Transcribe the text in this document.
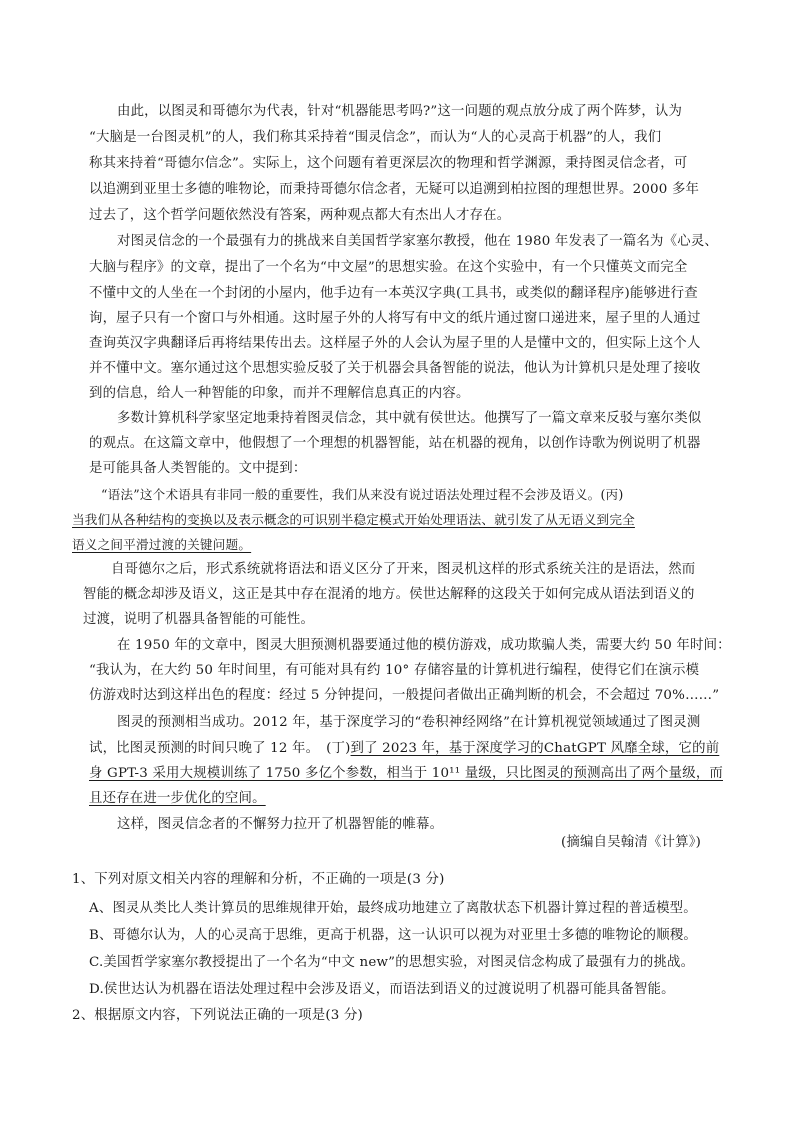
由此，以图灵和哥德尔为代表，针对“机器能思考吗?”这一问题的观点放分成了两个阵梦，认为
“大脑是一台图灵机”的人，我们称其采持着“围灵信念”，而认为“人的心灵高于机器”的人，我们
称其来持着“哥德尔信念”。实际上，这个问题有着更深层次的物理和哲学渊源，秉持图灵信念者，可
以追溯到亚里士多德的唯物论，而秉持哥德尔信念者，无疑可以追溯到柏拉图的理想世界。2000 多年
过去了，这个哲学问题依然没有答案，两种观点都大有杰出人才存在。
对图灵信念的一个最强有力的挑战来自美国哲学家塞尔教授，他在 1980 年发表了一篇名为《心灵、
大脑与程序》的文章，提出了一个名为“中文屋”的思想实验。在这个实验中，有一个只懂英文而完全
不懂中文的人坐在一个封闭的小屋内，他手边有一本英汉字典(工具书，或类似的翻译程序)能够进行查
询，屋子只有一个窗口与外相通。这时屋子外的人将写有中文的纸片通过窗口递进来，屋子里的人通过
查询英汉字典翻译后再将结果传出去。这样屋子外的人会认为屋子里的人是懂中文的，但实际上这个人
并不懂中文。塞尔通过这个思想实验反驳了关于机器会具备智能的说法，他认为计算机只是处理了接收
到的信息，给人一种智能的印象，而并不理解信息真正的内容。
多数计算机科学家坚定地秉持着图灵信念，其中就有侯世达。他撰写了一篇文章来反驳与塞尔类似
的观点。在这篇文章中，他假想了一个理想的机器智能，站在机器的视角，以创作诗歌为例说明了机器
是可能具备人类智能的。文中提到：
“语法”这个术语具有非同一般的重要性，我们从来没有说过语法处理过程不会涉及语义。(丙)
当我们从各种结构的变换以及表示概念的可识别半稳定模式开始处理语法、就引发了从无语义到完全
语义之间平滑过渡的关键问题。
自哥德尔之后，形式系统就将语法和语义区分了开来，图灵机这样的形式系统关注的是语法，然而
智能的概念却涉及语义，这正是其中存在混淆的地方。侯世达解释的这段关于如何完成从语法到语义的
过渡，说明了机器具备智能的可能性。
在 1950 年的文章中，图灵大胆预测机器要通过他的模仿游戏，成功欺骗人类，需要大约 50 年时间：
“我认为，在大约 50 年时间里，有可能对具有约 10° 存储容量的计算机进行编程，使得它们在演示模
仿游戏时达到这样出色的程度：经过 5 分钟提问，一般提问者做出正确判断的机会，不会超过 70%……”
图灵的预测相当成功。2012 年，基于深度学习的“卷积神经网络”在计算机视觉领域通过了图灵测
试，比图灵预测的时间只晚了 12 年。　(丁)到了 2023 年，基于深度学习的ChatGPT 风靡全球，它的前
身 GPT-3 采用大规模训练了 1750 多亿个参数，相当于 10¹¹ 量级，只比图灵的预测高出了两个量级，而
且还存在进一步优化的空间。
这样，图灵信念者的不懈努力拉开了机器智能的帷幕。
(摘编自吴翰清《计算》)
1、下列对原文相关内容的理解和分析，不正确的一项是(3 分)
A、图灵从类比人类计算员的思维规律开始，最终成功地建立了离散状态下机器计算过程的普适模型。
B、哥德尔认为，人的心灵高于思维，更高于机器，这一认识可以视为对亚里士多德的唯物论的顺稷。
C.美国哲学家塞尔教授提出了一个名为“中文 new”的思想实验，对图灵信念构成了最强有力的挑战。
D.侯世达认为机器在语法处理过程中会涉及语义，而语法到语义的过渡说明了机器可能具备智能。
2、根据原文内容，下列说法正确的一项是(3 分)
